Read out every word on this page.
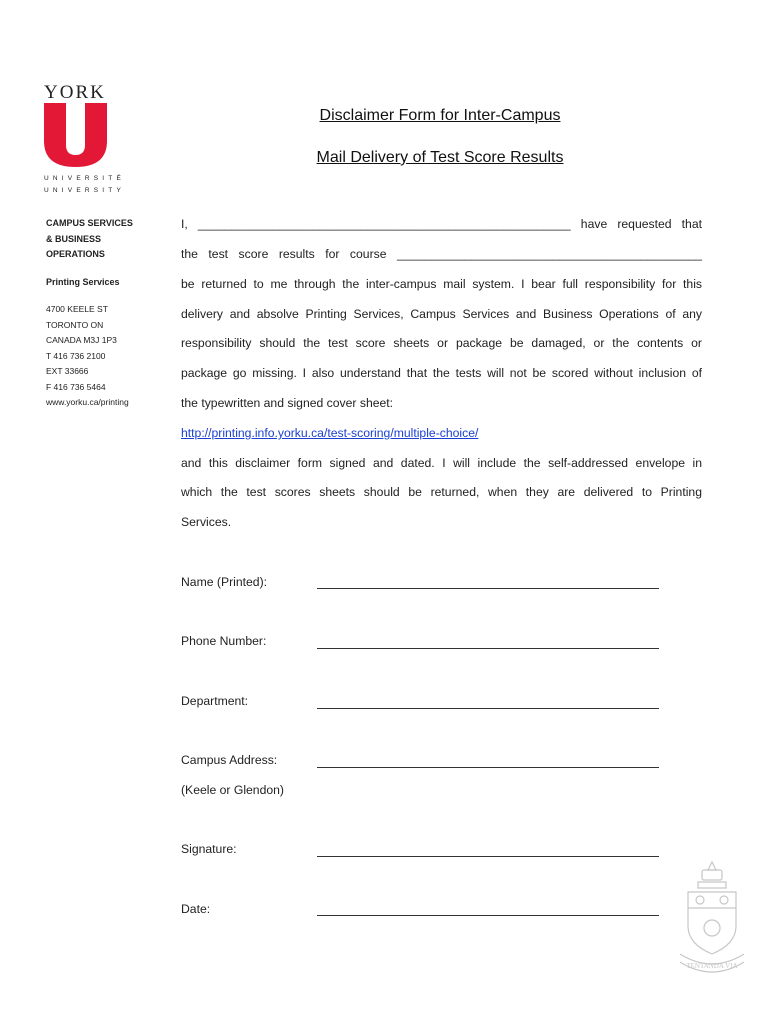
YORK
UNIVERSITÉ
UNIVERSITY
Disclaimer Form for Inter-Campus
Mail Delivery of Test Score Results
CAMPUS SERVICES
& BUSINESS
OPERATIONS
Printing Services
4700 KEELE ST
TORONTO ON
CANADA M3J 1P3
T 416 736 2100
EXT 33666
F 416 736 5464
www.yorku.ca/printing
I, _______________________________________________________ have requested that
the test score results for course _____________________________________________
be returned to me through the inter-campus mail system. I bear full responsibility for this
delivery and absolve Printing Services, Campus Services and Business Operations of any
responsibility should the test score sheets or package be damaged, or the contents or
package go missing. I also understand that the tests will not be scored without inclusion of
the typewritten and signed cover sheet:
http://printing.info.yorku.ca/test-scoring/multiple-choice/
and this disclaimer form signed and dated. I will include the self-addressed envelope in
which the test scores sheets should be returned, when they are delivered to Printing
Services.
Name (Printed):
Phone Number:
Department:
Campus Address:
(Keele or Glendon)
Signature:
Date:
TENTANDA VIA
